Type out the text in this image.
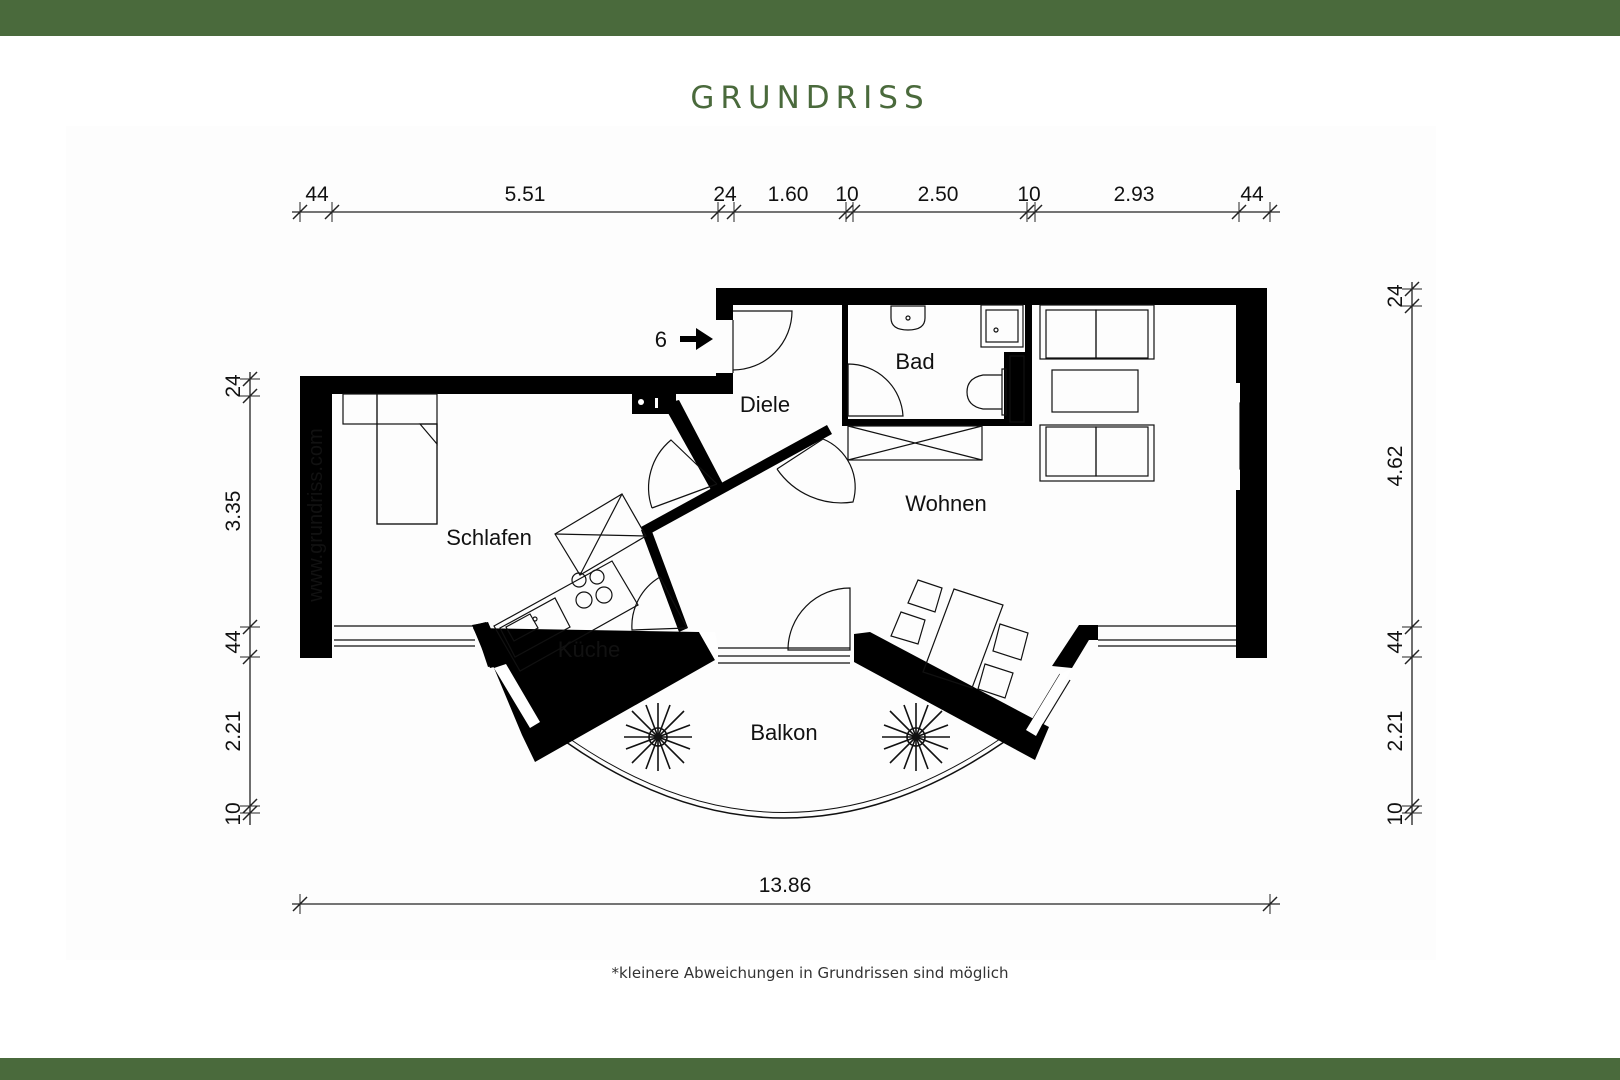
GRUNDRISS
44	5.51	24 1.60 10	2.50	10	2.93	44
24
3.35
44
2.21
10
24
4.62
44
2.21
10
13.86
6
www.grundriss.com
Diele
Bad
Schlafen
Wohnen
Küche
Balkon
*kleinere Abweichungen in Grundrissen sind möglich
